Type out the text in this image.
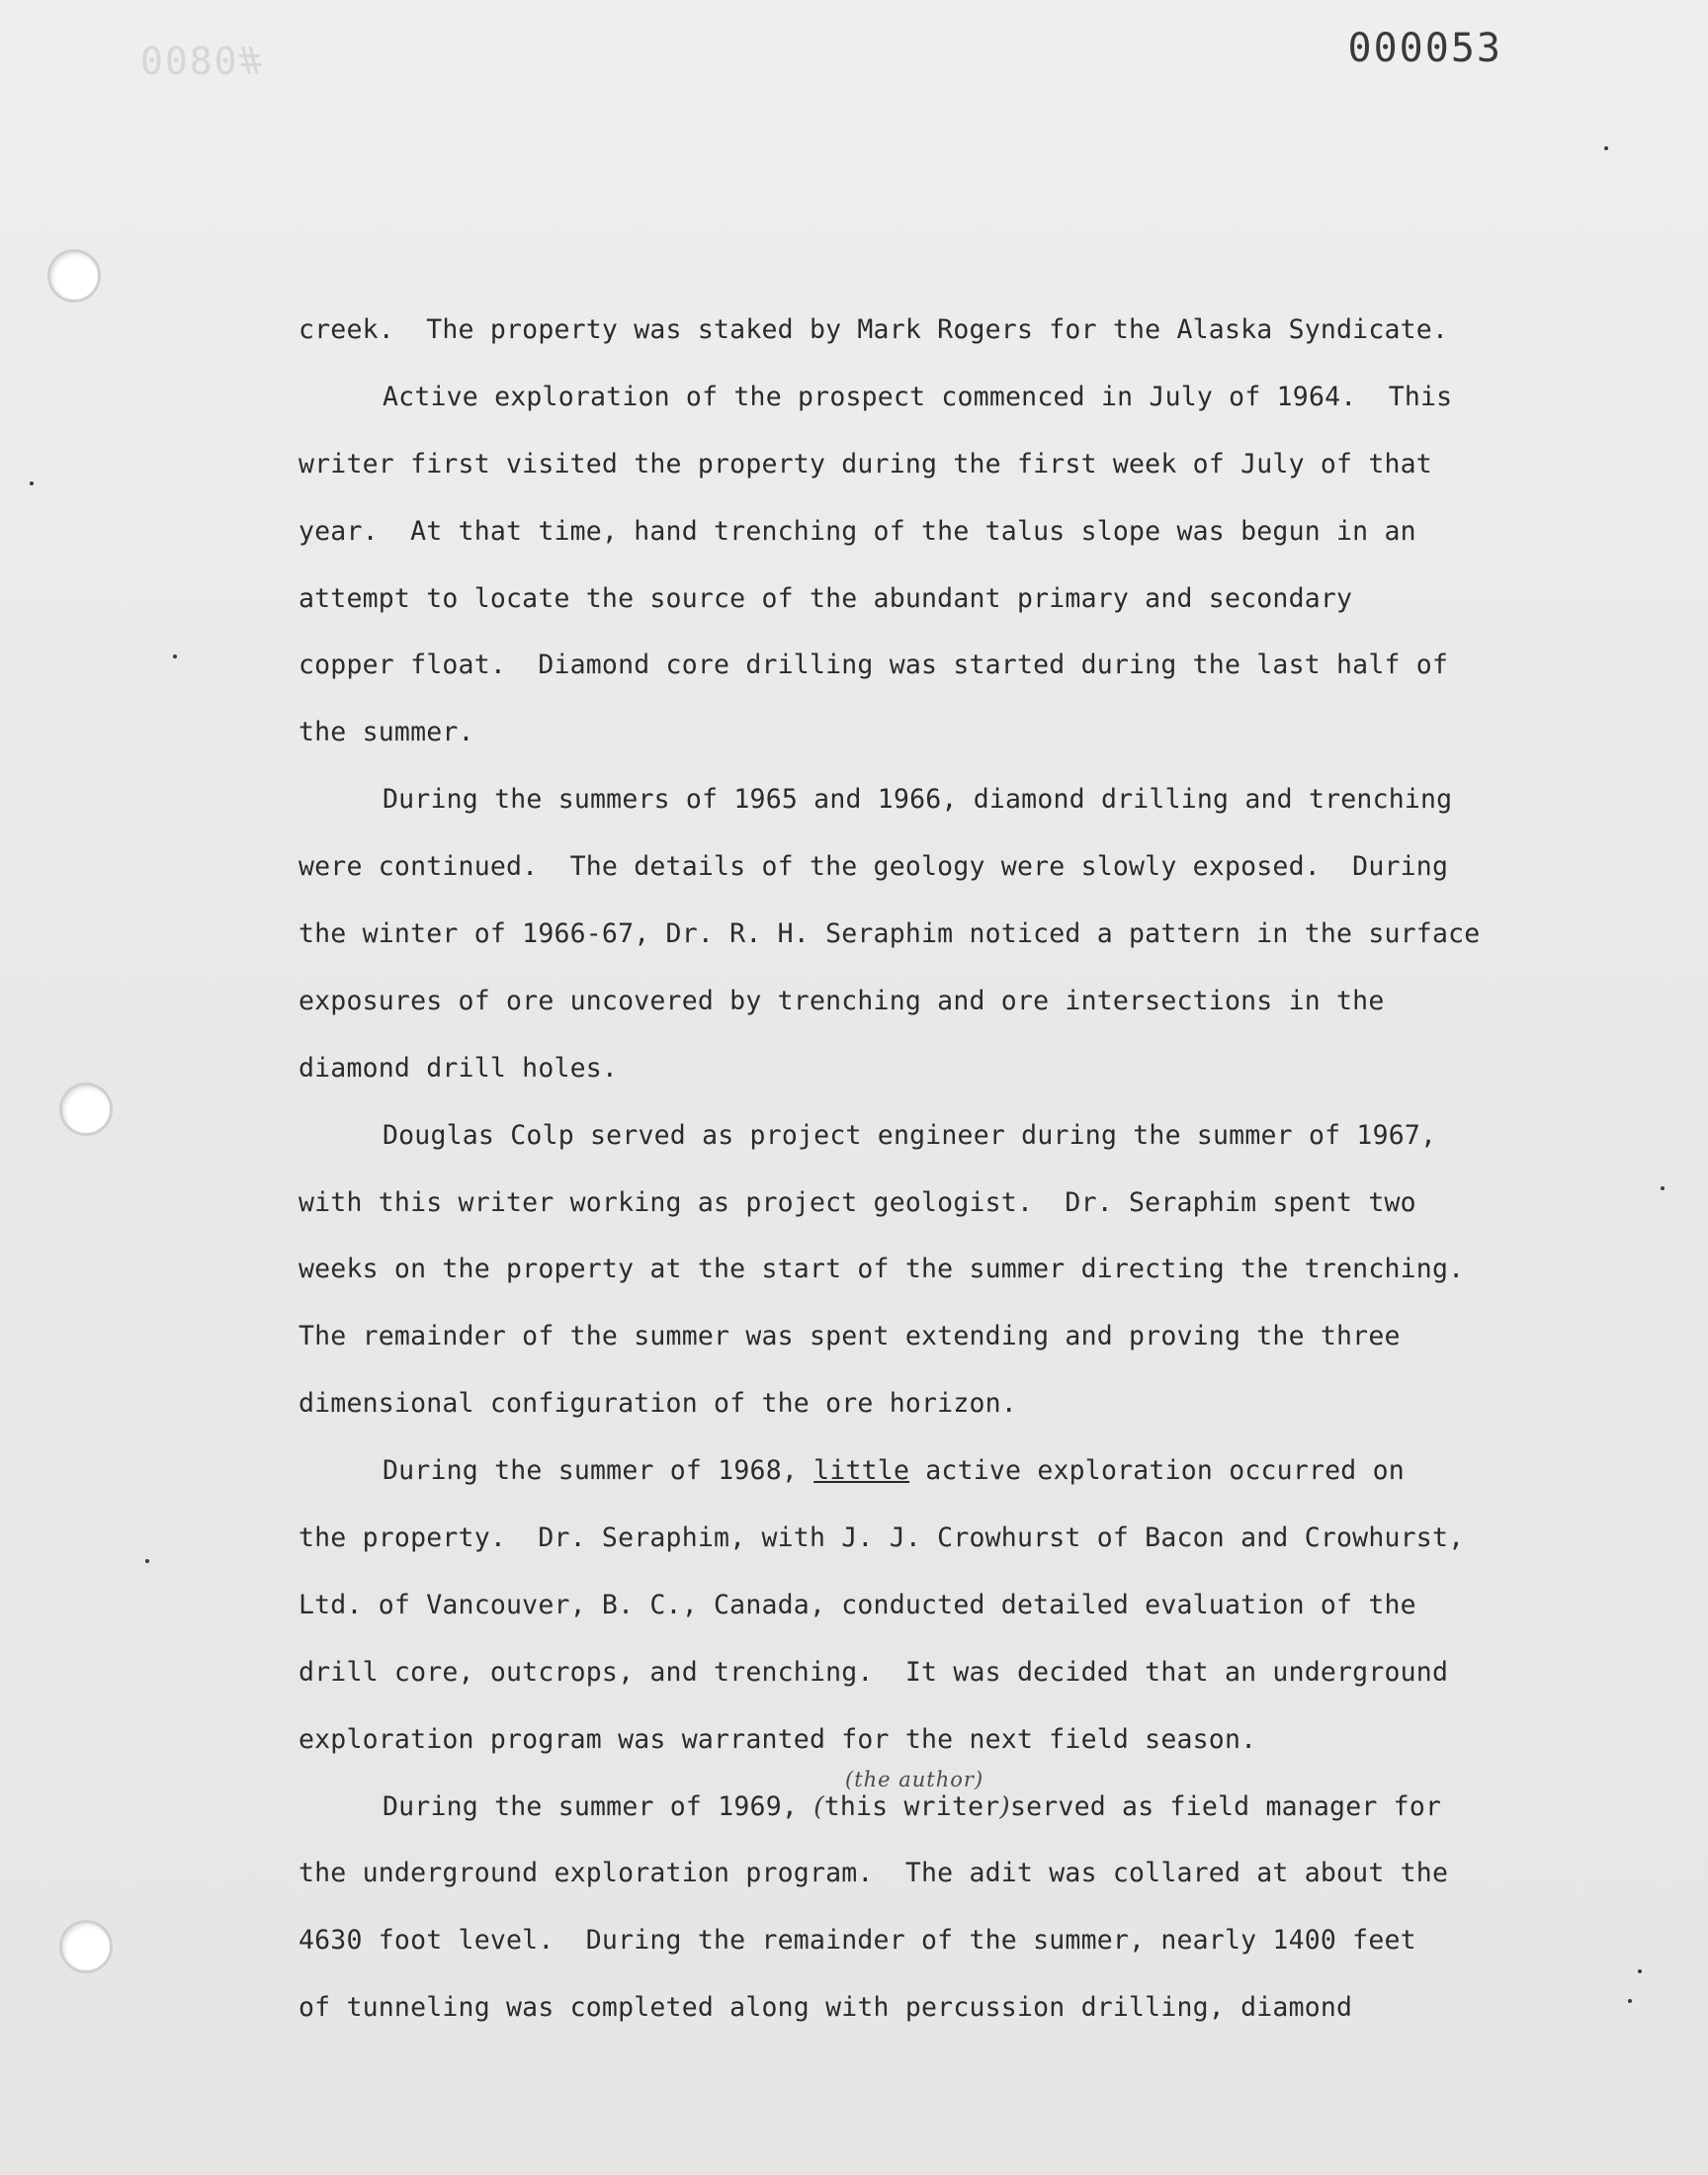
#0800	000053
creek.  The property was staked by Mark Rogers for the Alaska Syndicate.
Active exploration of the prospect commenced in July of 1964.  This
writer first visited the property during the first week of July of that
year.  At that time, hand trenching of the talus slope was begun in an
attempt to locate the source of the abundant primary and secondary
copper float.  Diamond core drilling was started during the last half of
the summer.
During the summers of 1965 and 1966, diamond drilling and trenching
were continued.  The details of the geology were slowly exposed.  During
the winter of 1966-67, Dr. R. H. Seraphim noticed a pattern in the surface
exposures of ore uncovered by trenching and ore intersections in the
diamond drill holes.
Douglas Colp served as project engineer during the summer of 1967,
with this writer working as project geologist.  Dr. Seraphim spent two
weeks on the property at the start of the summer directing the trenching.
The remainder of the summer was spent extending and proving the three
dimensional configuration of the ore horizon.
During the summer of 1968, little active exploration occurred on
the property.  Dr. Seraphim, with J. J. Crowhurst of Bacon and Crowhurst,
Ltd. of Vancouver, B. C., Canada, conducted detailed evaluation of the
drill core, outcrops, and trenching.  It was decided that an underground
exploration program was warranted for the next field season.
(the author)
During the summer of 1969, (this writer)served as field manager for
the underground exploration program.  The adit was collared at about the
4630 foot level.  During the remainder of the summer, nearly 1400 feet
of tunneling was completed along with percussion drilling, diamond
